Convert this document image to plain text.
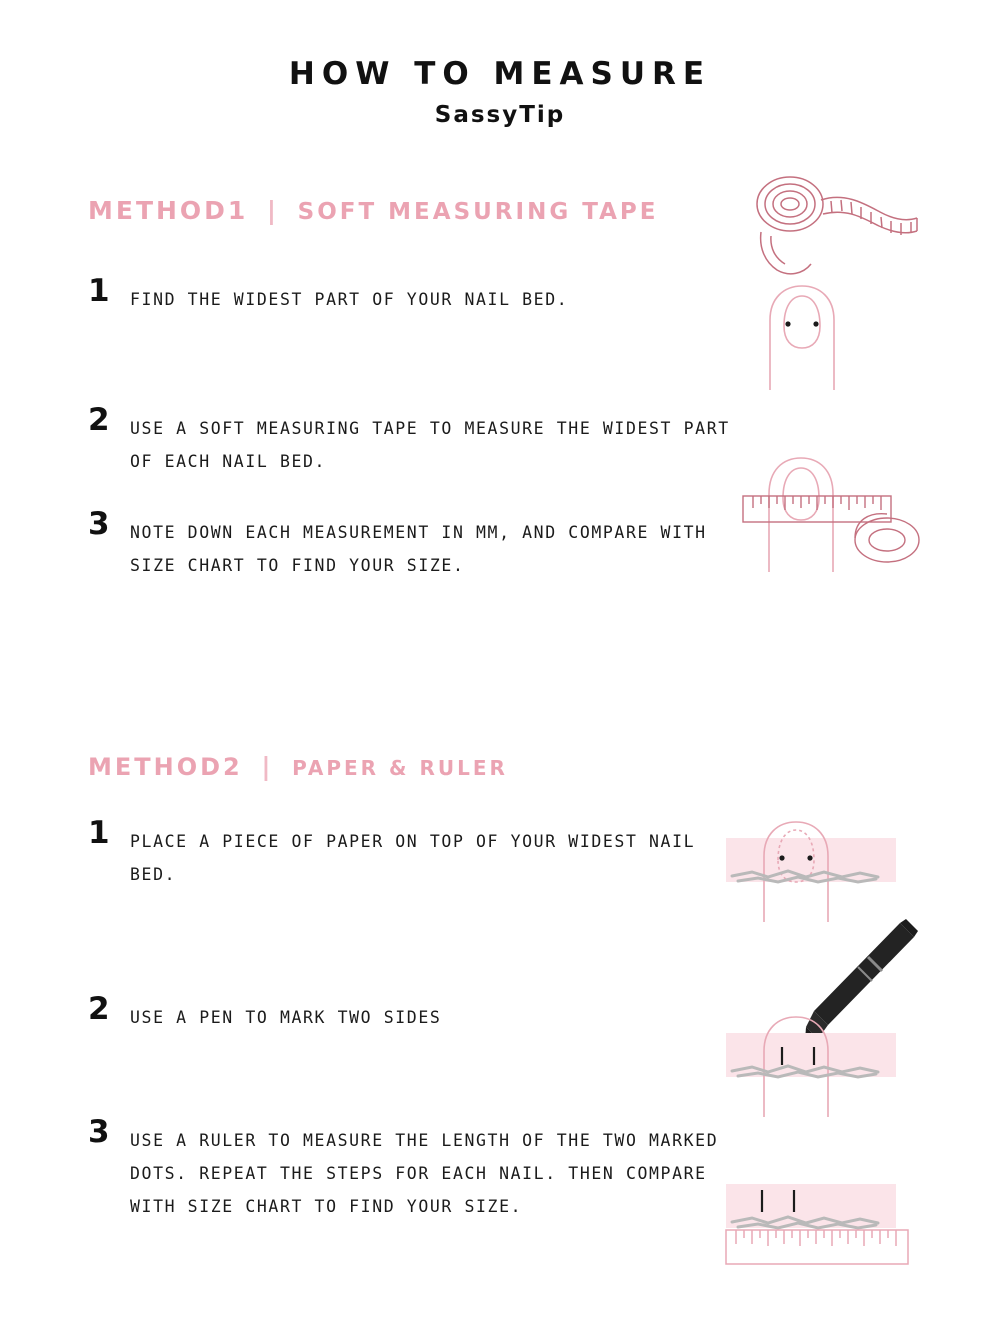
HOW TO MEASURE
SassyTip
METHOD1 | SOFT MEASURING TAPE
1 FIND THE WIDEST PART OF YOUR NAIL BED.
2 USE A SOFT MEASURING TAPE TO MEASURE THE WIDEST PART OF EACH NAIL BED.
3 NOTE DOWN EACH MEASUREMENT IN MM, AND COMPARE WITH SIZE CHART TO FIND YOUR SIZE.
METHOD2 | PAPER & RULER
1 PLACE A PIECE OF PAPER ON TOP OF YOUR WIDEST NAIL BED.
2 USE A PEN TO MARK TWO SIDES
3 USE A RULER TO MEASURE THE LENGTH OF THE TWO MARKED DOTS. REPEAT THE STEPS FOR EACH NAIL. THEN COMPARE WITH SIZE CHART TO FIND YOUR SIZE.
